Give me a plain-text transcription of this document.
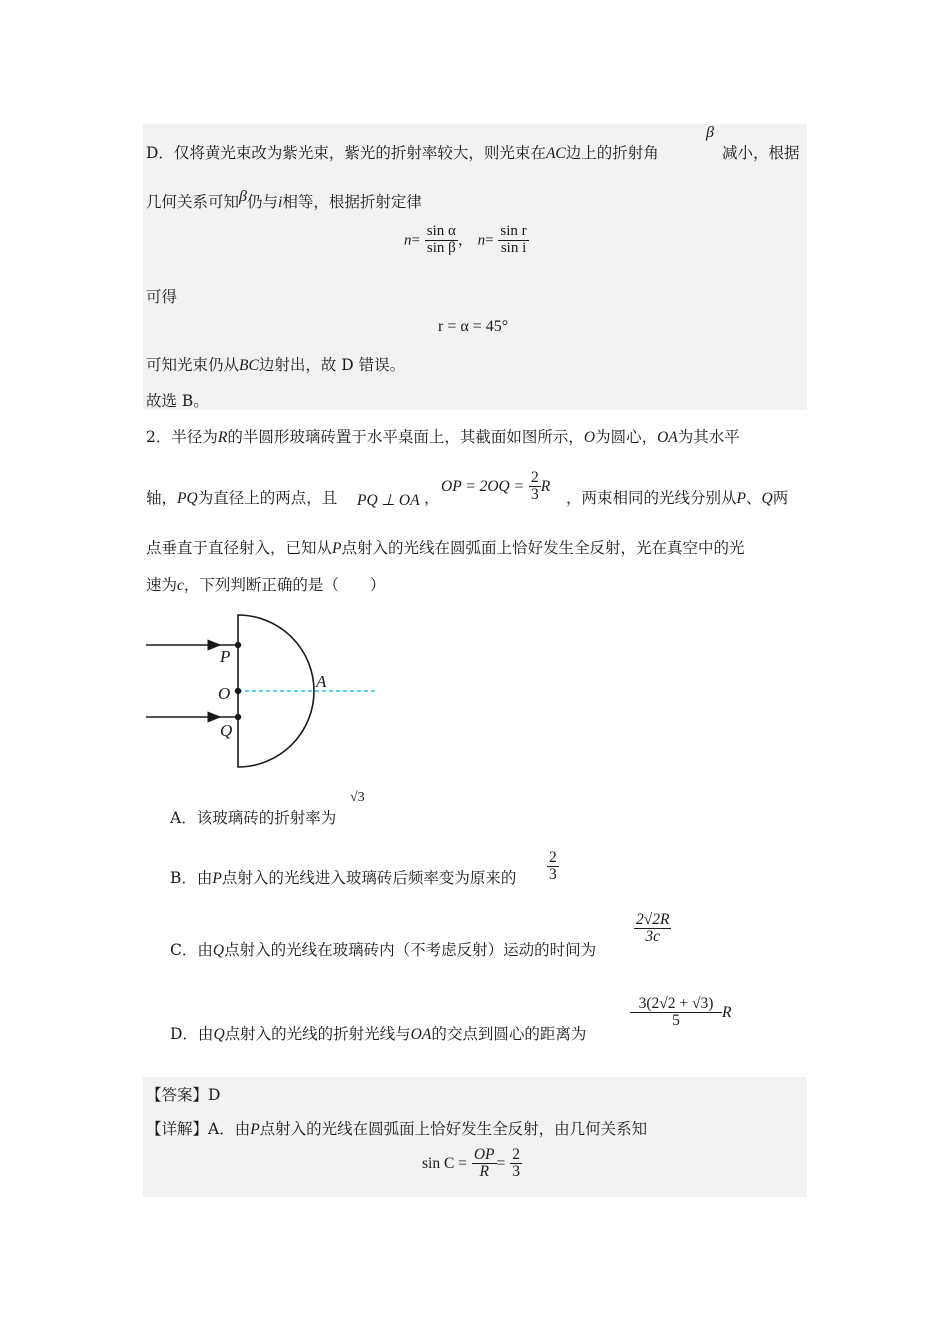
D．仅将黄光束改为紫光束，紫光的折射率较大，则光束在AC边上的折射角
β
减小，根据
几何关系可知β仍与i相等，根据折射定律
$n= \frac{\text{sin α}}{\text{sin β}}$ ， $n= \frac{\text{sin r}}{\text{sin i}}$
可得
r = α = 45°
可知光束仍从BC边射出，故 D 错误。
故选 B。
2．半径为R的半圆形玻璃砖置于水平桌面上，其截面如图所示，O为圆心，OA为其水平
轴，PQ为直径上的两点，且 PQ ⊥ OA ，
OP = $2OQ = \frac{2}{3}$ R
，两束相同的光线分别从P、Q两
点垂直于直径射入，已知从P点射入的光线在圆弧面上恰好发生全反射，光在真空中的光
速为c，下列判断正确的是（　　）
P
O
Q
A
A．该玻璃砖的折射率为
√3
B．由P点射入的光线进入玻璃砖后频率变为原来的 $\frac{2}{3}$
C．由Q点射入的光线在玻璃砖内（不考虑反射）运动的时间为
$\frac{2√2R}{3c}$
D．由Q点射入的光线的折射光线与OA的交点到圆心的距离为
$\frac{3(2√2 + √3)}{5}$ R
【答案】D
【详解】A．由P点射入的光线在圆弧面上恰好发生全反射，由几何关系知
$\sin C = \frac{OP}{R} = \frac{2}{3}$
